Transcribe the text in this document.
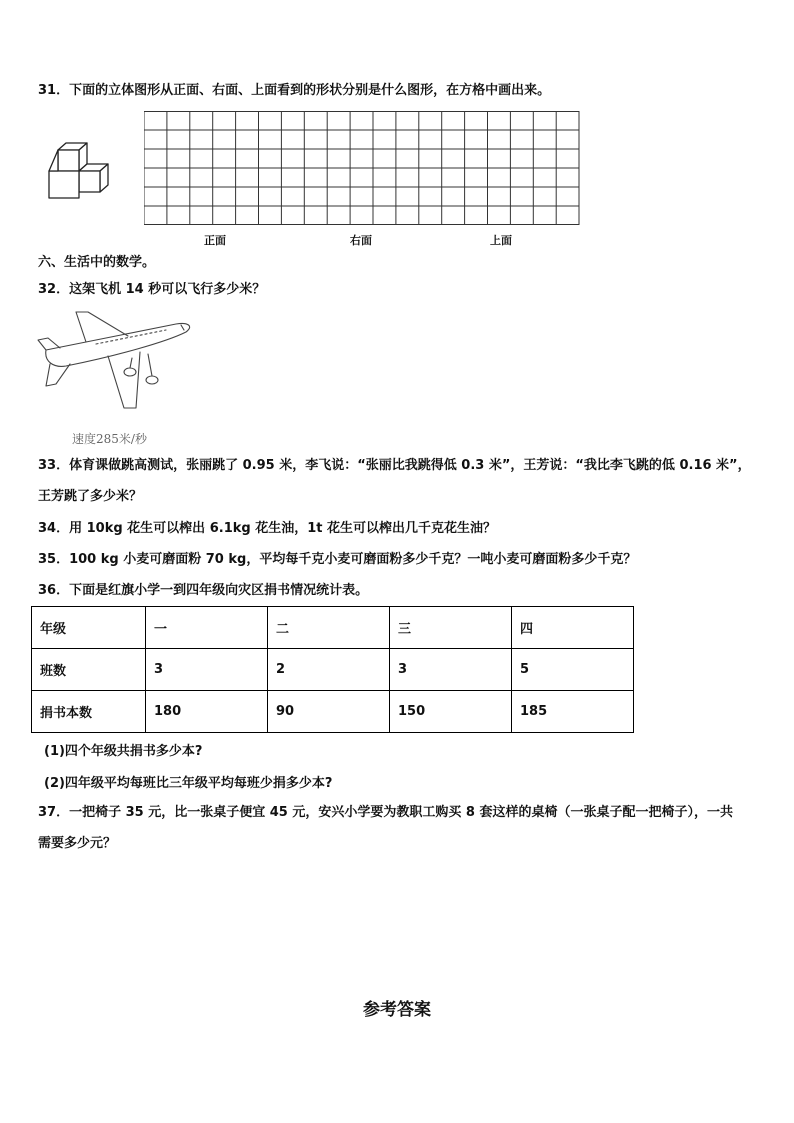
31．下面的立体图形从正面、右面、上面看到的形状分别是什么图形，在方格中画出来。
正面	右面	上面
六、生活中的数学。
32．这架飞机 14 秒可以飞行多少米？
速度285米/秒
33．体育课做跳高测试，张丽跳了 0.95 米，李飞说：“张丽比我跳得低 0.3 米”，王芳说：“我比李飞跳的低 0.16 米”，
王芳跳了多少米？
34．用 10kg 花生可以榨出 6.1kg 花生油，1t 花生可以榨出几千克花生油？
35．100 kg 小麦可磨面粉 70 kg，平均每千克小麦可磨面粉多少千克？一吨小麦可磨面粉多少千克？
36．下面是红旗小学一到四年级向灾区捐书情况统计表。
年级	一	二	三	四
班数	3	2	3	5
捐书本数	180	90	150	185
(1)四个年级共捐书多少本?
(2)四年级平均每班比三年级平均每班少捐多少本?
37．一把椅子 35 元，比一张桌子便宜 45 元，安兴小学要为教职工购买 8 套这样的桌椅（一张桌子配一把椅子），一共
需要多少元？
参考答案
